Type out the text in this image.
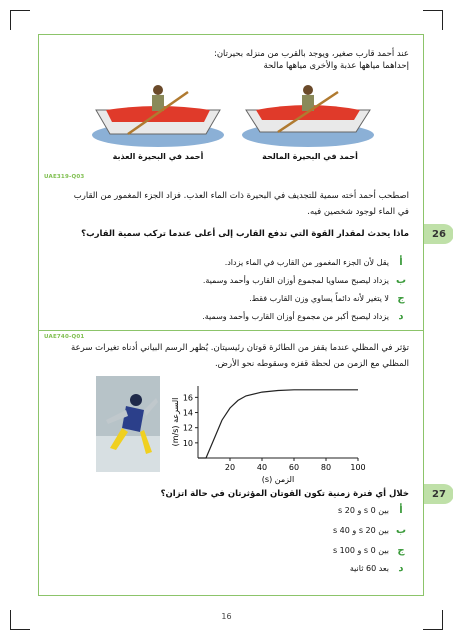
عند أحمد قارب صغير، ويوجد بالقرب من منزله بحيرتان:
إحداهما مياهها عذبة والأخرى مياهها مالحة
أحمد في البحيرة المالحة
أحمد في البحيرة العذبة
UAE319-Q03
اصطحب أحمد أخته سمية للتجديف في البحيرة ذات الماء العذب. فزاد الجزء المغمور من القارب
في الماء لوجود شخصين فيه.
26
ماذا يحدث لمقدار القوة التي تدفع القارب إلى أعلى عندما تركب سمية القارب؟
أيقل لأن الجزء المغمور من القارب في الماء يزداد.
بيزداد ليصبح مساويا لمجموع أوزان القارب وأحمد وسمية.
جلا يتغير لأنه دائماً يساوي وزن القارب فقط.
ديزداد ليصبح أكبر من مجموع أوزان القارب وأحمد وسمية.
UAE740-Q01
تؤثر في المظلي عندما يقفز من الطائرة قوتان رئيسيتان. يُظهر الرسم البياني أدناه تغيرات سرعة
المظلي مع الزمن من لحظة قفزه وسقوطه نحو الأرض.
20	40	60	80 100
10
12
14
16
الزمن (s)
السرعة (m/s)
27
خلال أي فترة زمنية تكون القوتان المؤثرتان في حالة اتزان؟
أبين 0 s و 20 s
ببين 20 s و 40 s
جبين 0 s و 100 s
دبعد 60 ثانية
16
